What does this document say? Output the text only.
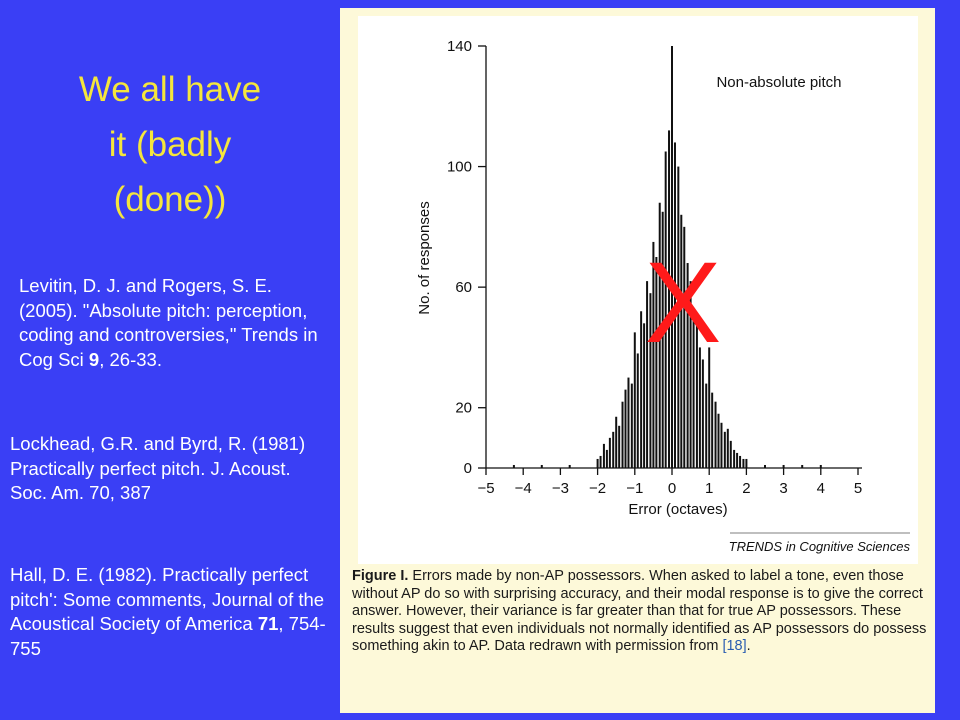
We all have
it (badly
(done))
Levitin, D. J. and Rogers, S. E. (2005). "Absolute pitch: perception, coding and controversies," Trends in Cog Sci 9, 26-33.
Lockhead, G.R. and Byrd, R. (1981) Practically perfect pitch. J. Acoust. Soc. Am. 70, 387
Hall, D. E. (1982). Practically perfect pitch': Some comments, Journal of the Acoustical Society of America 71, 754-755
0
20
60
100
140
−5 −4 −3 −2 −1 0 1 2 3 4 5
Non-absolute pitch
Error (octaves)
No. of responses
TRENDS in Cognitive Sciences
X
Figure I. Errors made by non-AP possessors. When asked to label a tone, even those without AP do so with surprising accuracy, and their modal response is to give the correct answer. However, their variance is far greater than that for true AP possessors. These results suggest that even individuals not normally identified as AP possessors do possess something akin to AP. Data redrawn with permission from [18].
